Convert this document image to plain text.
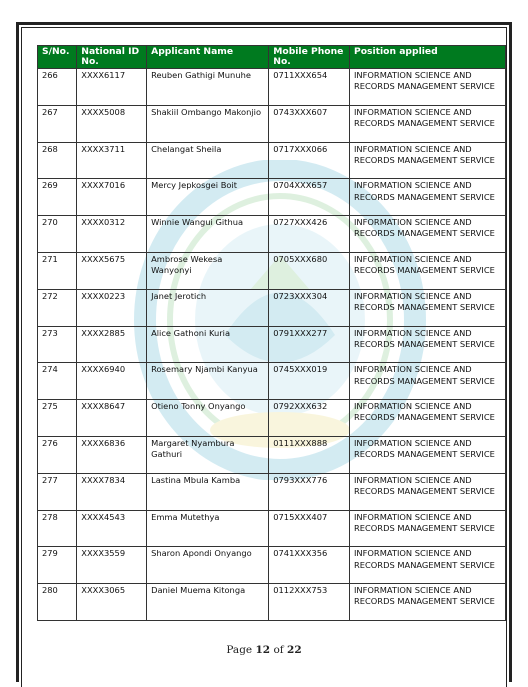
S/No.	National ID No.	Applicant Name	Mobile Phone No.	Position applied
266	XXXX6117	Reuben Gathigi Munuhe	0711XXX654	INFORMATION SCIENCE AND RECORDS MANAGEMENT SERVICE
267	XXXX5008	Shakiil Ombango Makonjio	0743XXX607	INFORMATION SCIENCE AND RECORDS MANAGEMENT SERVICE
268	XXXX3711	Chelangat Sheila	0717XXX066	INFORMATION SCIENCE AND RECORDS MANAGEMENT SERVICE
269	XXXX7016	Mercy Jepkosgei Boit	0704XXX657	INFORMATION SCIENCE AND RECORDS MANAGEMENT SERVICE
270	XXXX0312	Winnie Wangui Githua	0727XXX426	INFORMATION SCIENCE AND RECORDS MANAGEMENT SERVICE
271	XXXX5675	Ambrose Wekesa Wanyonyi	0705XXX680	INFORMATION SCIENCE AND RECORDS MANAGEMENT SERVICE
272	XXXX0223	Janet Jerotich	0723XXX304	INFORMATION SCIENCE AND RECORDS MANAGEMENT SERVICE
273	XXXX2885	Alice Gathoni Kuria	0791XXX277	INFORMATION SCIENCE AND RECORDS MANAGEMENT SERVICE
274	XXXX6940	Rosemary Njambi Kanyua	0745XXX019	INFORMATION SCIENCE AND RECORDS MANAGEMENT SERVICE
275	XXXX8647	Otieno Tonny Onyango	0792XXX632	INFORMATION SCIENCE AND RECORDS MANAGEMENT SERVICE
276	XXXX6836	Margaret Nyambura Gathuri	0111XXX888	INFORMATION SCIENCE AND RECORDS MANAGEMENT SERVICE
277	XXXX7834	Lastina Mbula Kamba	0793XXX776	INFORMATION SCIENCE AND RECORDS MANAGEMENT SERVICE
278	XXXX4543	Emma Mutethya	0715XXX407	INFORMATION SCIENCE AND RECORDS MANAGEMENT SERVICE
279	XXXX3559	Sharon Apondi Onyango	0741XXX356	INFORMATION SCIENCE AND RECORDS MANAGEMENT SERVICE
280	XXXX3065	Daniel Muema Kitonga	0112XXX753	INFORMATION SCIENCE AND RECORDS MANAGEMENT SERVICE
Page 12 of 22
